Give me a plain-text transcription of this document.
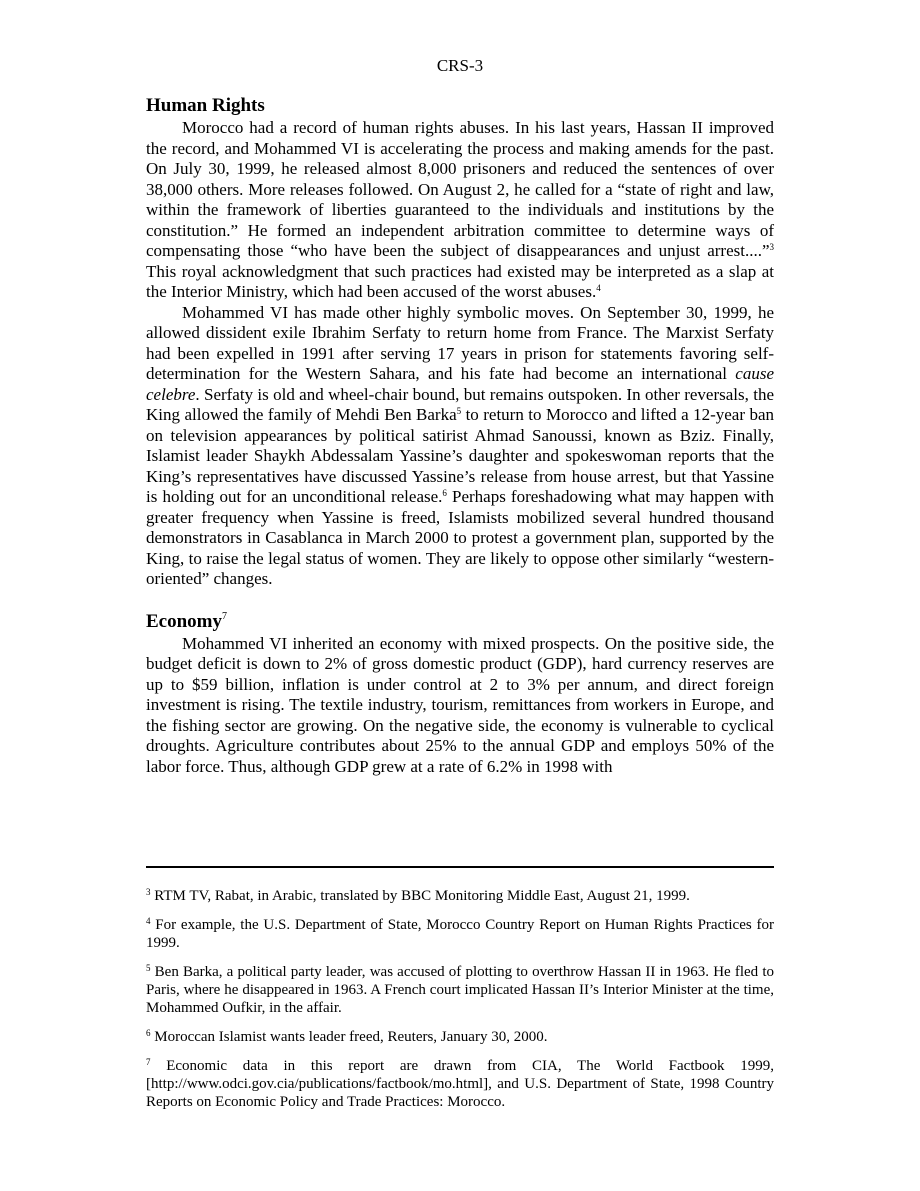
CRS-3
Human Rights

Morocco had a record of human rights abuses. In his last years, Hassan II improved the record, and Mohammed VI is accelerating the process and making amends for the past. On July 30, 1999, he released almost 8,000 prisoners and reduced the sentences of over 38,000 others. More releases followed. On August 2, he called for a “state of right and law, within the framework of liberties guaranteed to the individuals and institutions by the constitution.” He formed an independent arbitration committee to determine ways of compensating those “who have been the subject of disappearances and unjust arrest....”$^3$ This royal acknowledgment that such practices had existed may be interpreted as a slap at the Interior Ministry, which had been accused of the worst abuses.$^4$

Mohammed VI has made other highly symbolic moves. On September 30, 1999, he allowed dissident exile Ibrahim Serfaty to return home from France. The Marxist Serfaty had been expelled in 1991 after serving 17 years in prison for statements favoring self-determination for the Western Sahara, and his fate had become an international cause celebre. Serfaty is old and wheel-chair bound, but remains outspoken. In other reversals, the King allowed the family of Mehdi Ben Barka$^5$ to return to Morocco and lifted a 12-year ban on television appearances by political satirist Ahmad Sanoussi, known as Bziz. Finally, Islamist leader Shaykh Abdessalam Yassine’s daughter and spokeswoman reports that the King’s representatives have discussed Yassine’s release from house arrest, but that Yassine is holding out for an unconditional release.$^6$ Perhaps foreshadowing what may happen with greater frequency when Yassine is freed, Islamists mobilized several hundred thousand demonstrators in Casablanca in March 2000 to protest a government plan, supported by the King, to raise the legal status of women. They are likely to oppose other similarly “western-oriented” changes.

Economy$^7$

Mohammed VI inherited an economy with mixed prospects. On the positive side, the budget deficit is down to 2% of gross domestic product (GDP), hard currency reserves are up to $59 billion, inflation is under control at 2 to 3% per annum, and direct foreign investment is rising. The textile industry, tourism, remittances from workers in Europe, and the fishing sector are growing. On the negative side, the economy is vulnerable to cyclical droughts. Agriculture contributes about 25% to the annual GDP and employs 50% of the labor force. Thus, although GDP grew at a rate of 6.2% in 1998 with

$^3$ RTM TV, Rabat, in Arabic, translated by BBC Monitoring Middle East, August 21, 1999.

$^4$ For example, the U.S. Department of State, Morocco Country Report on Human Rights Practices for 1999.

$^5$ Ben Barka, a political party leader, was accused of plotting to overthrow Hassan II in 1963. He fled to Paris, where he disappeared in 1963. A French court implicated Hassan II’s Interior Minister at the time, Mohammed Oufkir, in the affair.

$^6$ Moroccan Islamist wants leader freed, Reuters, January 30, 2000.

$^7$ Economic data in this report are drawn from CIA, The World Factbook 1999, [http://www.odci.gov.cia/publications/factbook/mo.html], and U.S. Department of State, 1998 Country Reports on Economic Policy and Trade Practices: Morocco.
